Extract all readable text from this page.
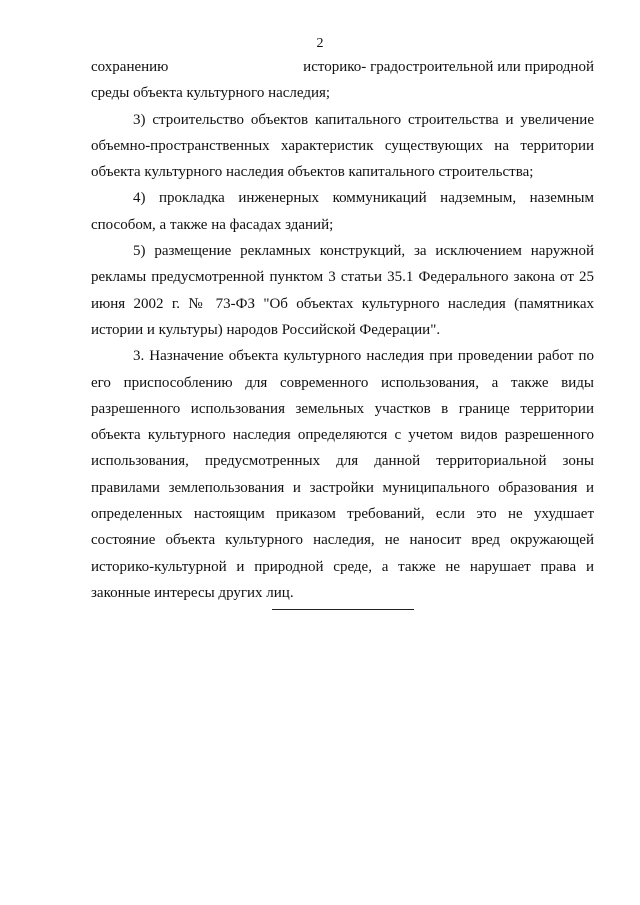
2

сохранению                                   историко- градостроительной или природной среды объекта культурного наследия;

3) строительство объектов капитального строительства и увеличение объемно-пространственных характеристик существующих на территории объекта культурного наследия объектов капитального строительства;

4) прокладка инженерных коммуникаций надземным, наземным способом, а также на фасадах зданий;

5) размещение рекламных конструкций, за исключением наружной рекламы предусмотренной пунктом 3 статьи 35.1 Федерального закона от 25 июня 2002 г. № 73-ФЗ "Об объектах культурного наследия (памятниках истории и культуры) народов Российской Федерации".

3. Назначение объекта культурного наследия при проведении работ по его приспособлению для современного использования, а также виды разрешенного использования земельных участков в границе территории объекта культурного наследия определяются с учетом видов разрешенного использования, предусмотренных для данной территориальной зоны правилами землепользования и застройки муниципального образования и определенных настоящим приказом требований, если это не ухудшает состояние объекта культурного наследия, не наносит вред окружающей историко-культурной и природной среде, а также не нарушает права и законные интересы других лиц.
